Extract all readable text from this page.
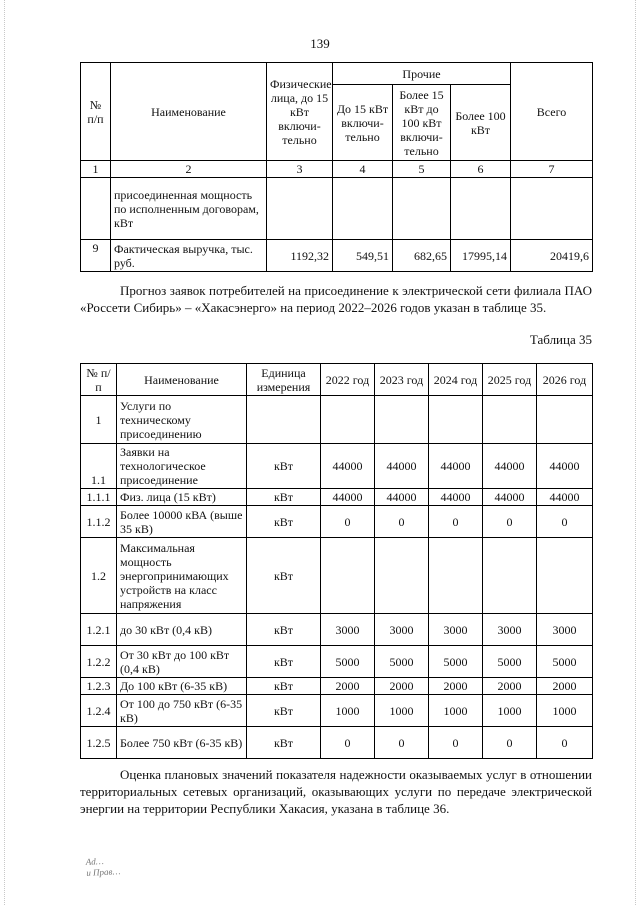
139
№ п/п	Наименование	Физические лица, до 15 кВт включи-тельно	Прочие			Всего
			До 15 кВт включи-тельно	Более 15 кВт до 100 кВт включи-тельно	Более 100 кВт	
1	2	3	4	5	6	7
	присоединенная мощность по исполненным договорам, кВт					
9	Фактическая выручка, тыс. руб.	1192,32	549,51	682,65	17995,14	20419,6
Прогноз заявок потребителей на присоединение к электрической сети филиала ПАО «Россети Сибирь» – «Хакасэнерго» на период 2022–2026 годов указан в таблице 35.
Таблица 35
№ п/п	Наименование	Единица измерения	2022 год	2023 год	2024 год	2025 год	2026 год
1	Услуги по техническому присоединению						
1.1	Заявки на технологическое присоединение	кВт	44000	44000	44000	44000	44000
1.1.1	Физ. лица (15 кВт)	кВт	44000	44000	44000	44000	44000
1.1.2	Более 10000 кВА (выше 35 кВ)	кВт	0	0	0	0	0
1.2	Максимальная мощность энергопринимающих устройств на класс напряжения	кВт					
1.2.1	до 30 кВт (0,4 кВ)	кВт	3000	3000	3000	3000	3000
1.2.2	От 30 кВт до 100 кВт (0,4 кВ)	кВт	5000	5000	5000	5000	5000
1.2.3	До 100 кВт (6-35 кВ)	кВт	2000	2000	2000	2000	2000
1.2.4	От 100 до 750 кВт (6-35 кВ)	кВт	1000	1000	1000	1000	1000
1.2.5	Более 750 кВт (6-35 кВ)	кВт	0	0	0	0	0
Оценка плановых значений показателя надежности оказываемых услуг в отношении территориальных сетевых организаций, оказывающих услуги по передаче электрической энергии на территории Республики Хакасия, указана в таблице 36.
Ad…
и Прав…
